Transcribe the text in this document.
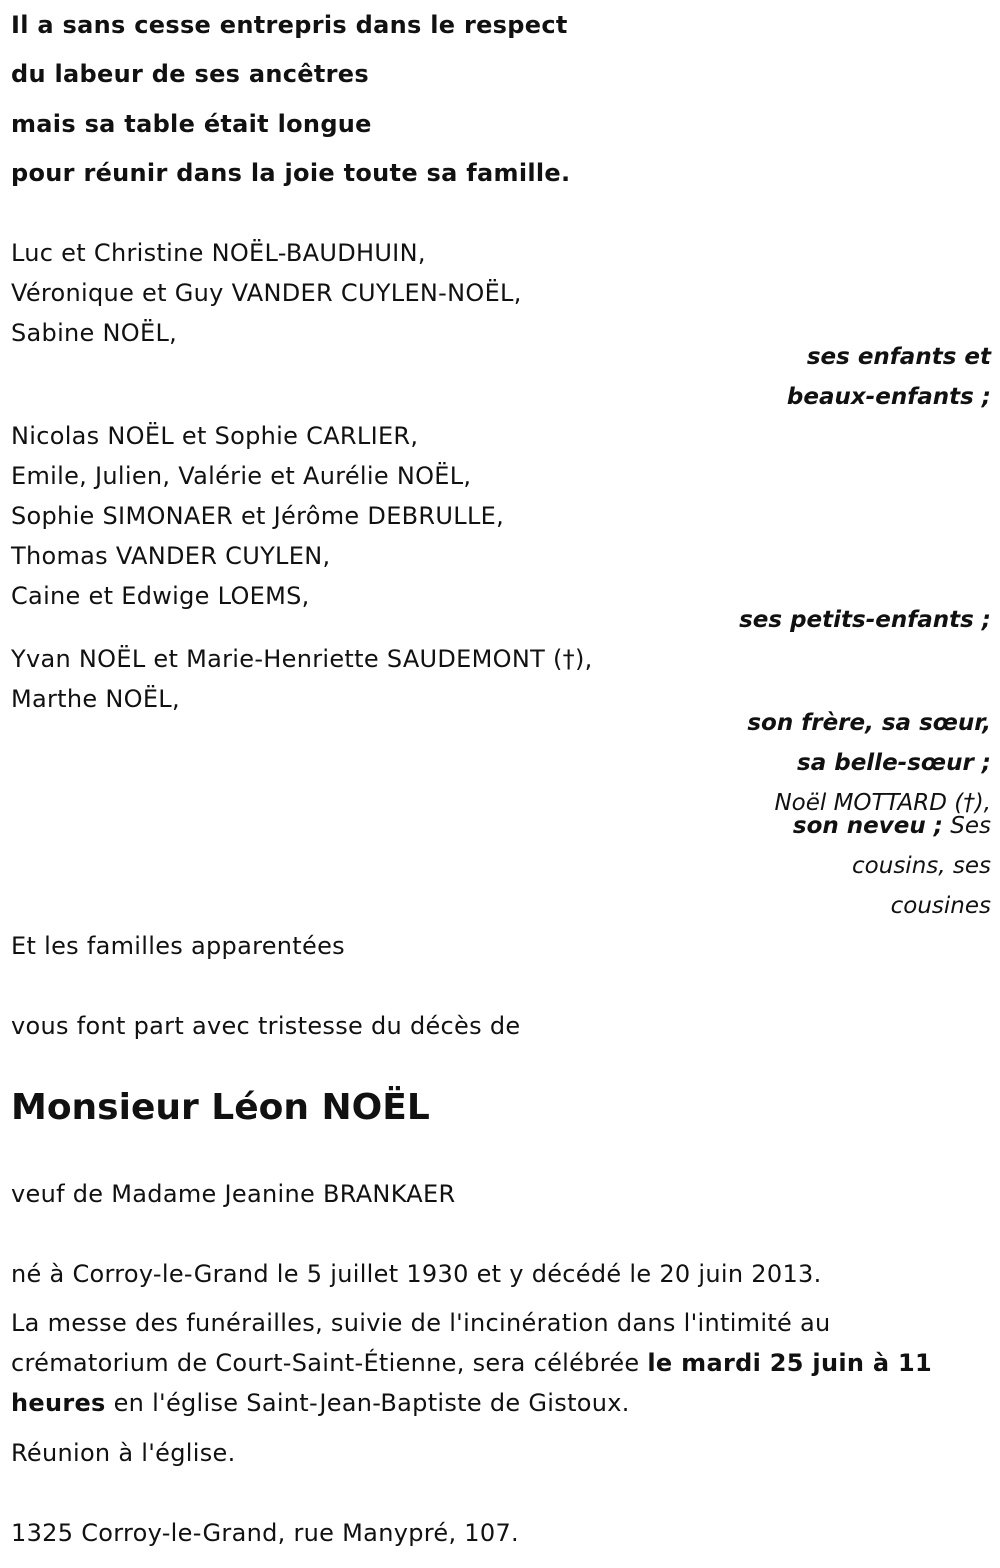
Il a sans cesse entrepris dans le respect
du labeur de ses ancêtres
mais sa table était longue
pour réunir dans la joie toute sa famille.
Luc et Christine NOËL-BAUDHUIN,
Véronique et Guy VANDER CUYLEN-NOËL,
Sabine NOËL,
ses enfants et
beaux-enfants ;
Nicolas NOËL et Sophie CARLIER,
Emile, Julien, Valérie et Aurélie NOËL,
Sophie SIMONAER et Jérôme DEBRULLE,
Thomas VANDER CUYLEN,
Caine et Edwige LOEMS,
ses petits-enfants ;
Yvan NOËL et Marie-Henriette SAUDEMONT (†),
Marthe NOËL,
son frère, sa sœur,
sa belle-sœur ;
Noël MOTTARD (†),
son neveu ; Ses
cousins, ses
cousines
Et les familles apparentées
vous font part avec tristesse du décès de
Monsieur Léon NOËL
veuf de Madame Jeanine BRANKAER
né à Corroy-le-Grand le 5 juillet 1930 et y décédé le 20 juin 2013.
La messe des funérailles, suivie de l'incinération dans l'intimité au crématorium de Court-Saint-Étienne, sera célébrée le mardi 25 juin à 11 heures en l'église Saint-Jean-Baptiste de Gistoux.
Réunion à l'église.
1325 Corroy-le-Grand, rue Manypré, 107.
